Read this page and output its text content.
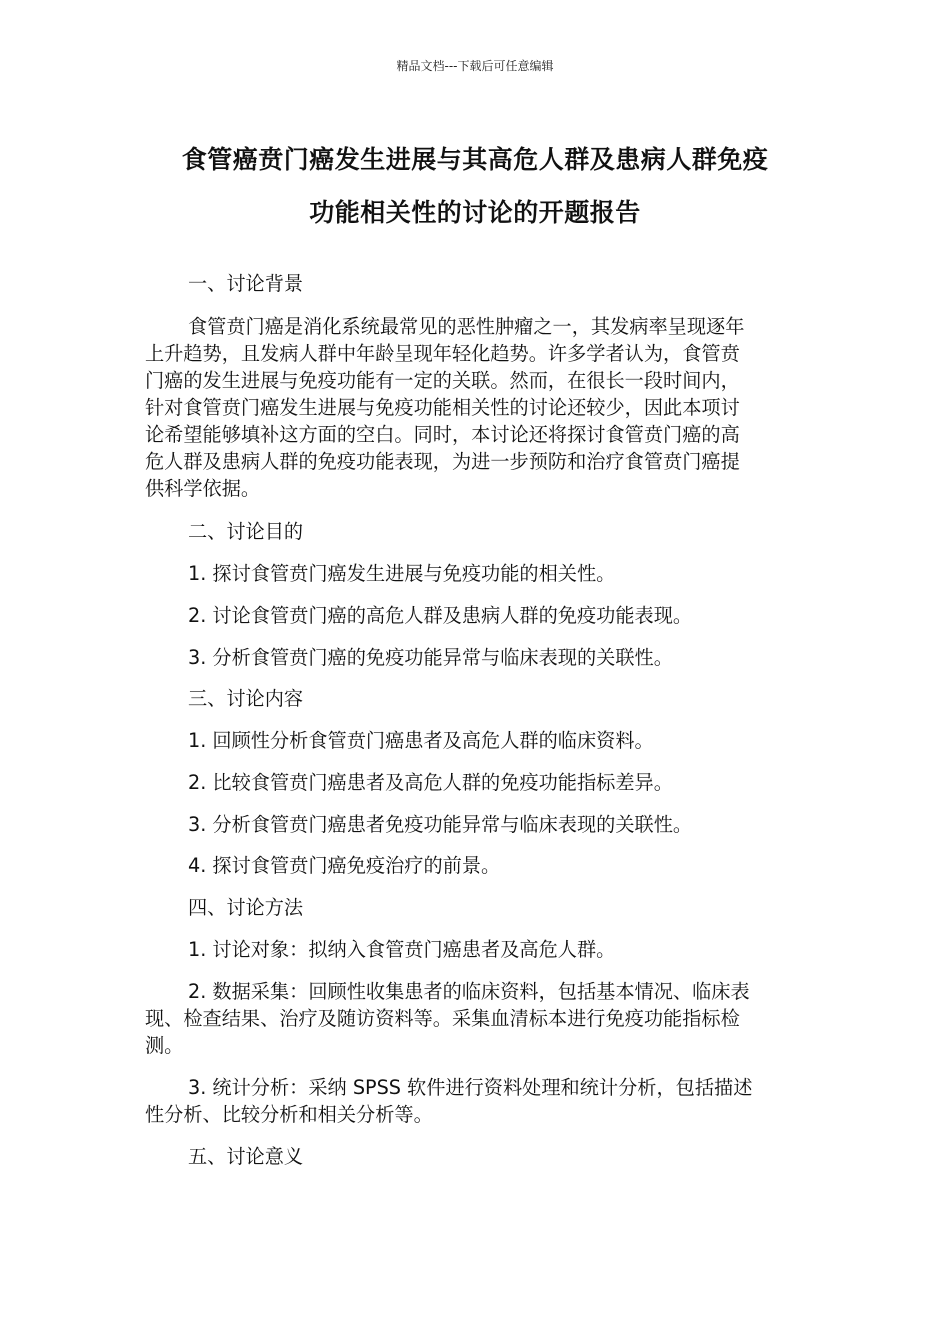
精品文档---下载后可任意编辑
食管癌贲门癌发生进展与其高危人群及患病人群免疫
功能相关性的讨论的开题报告
一、讨论背景
食管贲门癌是消化系统最常见的恶性肿瘤之一，其发病率呈现逐年
上升趋势，且发病人群中年龄呈现年轻化趋势。许多学者认为，食管贲
门癌的发生进展与免疫功能有一定的关联。然而，在很长一段时间内，
针对食管贲门癌发生进展与免疫功能相关性的讨论还较少，因此本项讨
论希望能够填补这方面的空白。同时，本讨论还将探讨食管贲门癌的高
危人群及患病人群的免疫功能表现，为进一步预防和治疗食管贲门癌提
供科学依据。
二、讨论目的
1. 探讨食管贲门癌发生进展与免疫功能的相关性。
2. 讨论食管贲门癌的高危人群及患病人群的免疫功能表现。
3. 分析食管贲门癌的免疫功能异常与临床表现的关联性。
三、讨论内容
1. 回顾性分析食管贲门癌患者及高危人群的临床资料。
2. 比较食管贲门癌患者及高危人群的免疫功能指标差异。
3. 分析食管贲门癌患者免疫功能异常与临床表现的关联性。
4. 探讨食管贲门癌免疫治疗的前景。
四、讨论方法
1. 讨论对象：拟纳入食管贲门癌患者及高危人群。
2. 数据采集：回顾性收集患者的临床资料，包括基本情况、临床表
现、检查结果、治疗及随访资料等。采集血清标本进行免疫功能指标检
测。
3. 统计分析：采纳 SPSS 软件进行资料处理和统计分析，包括描述
性分析、比较分析和相关分析等。
五、讨论意义
